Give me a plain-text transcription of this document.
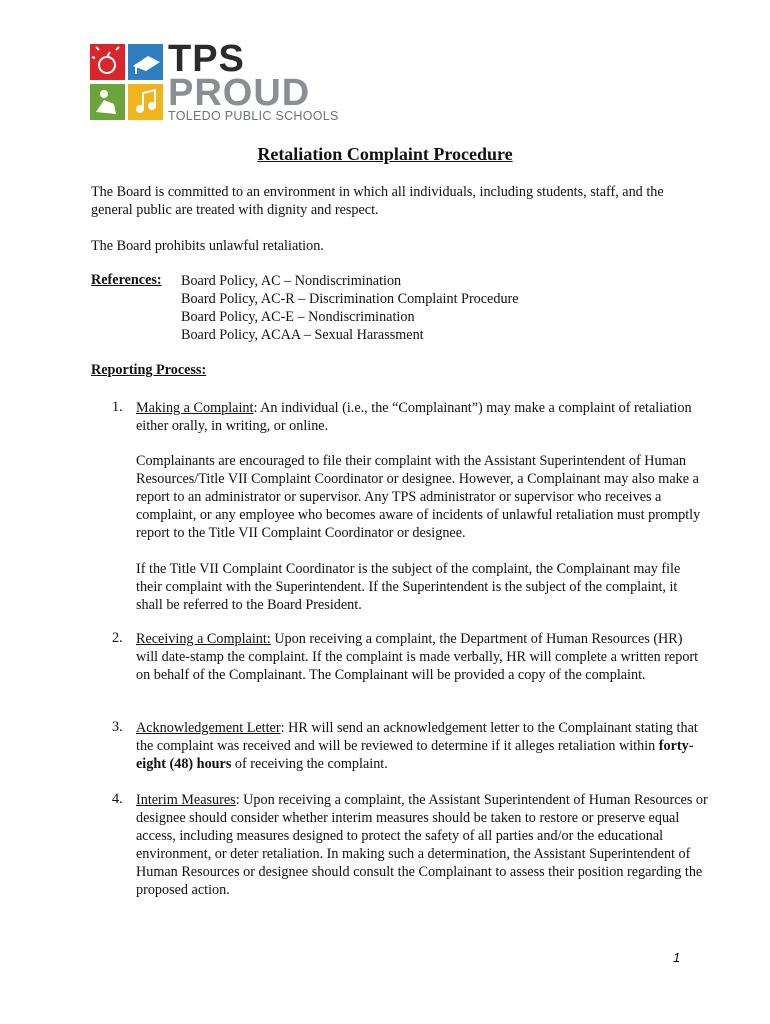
TPS
PROUD
TOLEDO PUBLIC SCHOOLS
Retaliation Complaint Procedure

The Board is committed to an environment in which all individuals, including students, staff, and the general public are treated with dignity and respect.

The Board prohibits unlawful retaliation.

References: Board Policy, AC – Nondiscrimination
Board Policy, AC-R – Discrimination Complaint Procedure
Board Policy, AC-E – Nondiscrimination
Board Policy, ACAA – Sexual Harassment
Reporting Process:
1. Making a Complaint: An individual (i.e., the “Complainant”) may make a complaint of retaliation either orally, in writing, or online.

Complainants are encouraged to file their complaint with the Assistant Superintendent of Human Resources/Title VII Complaint Coordinator or designee. However, a Complainant may also make a report to an administrator or supervisor. Any TPS administrator or supervisor who receives a complaint, or any employee who becomes aware of incidents of unlawful retaliation must promptly report to the Title VII Complaint Coordinator or designee.

If the Title VII Complaint Coordinator is the subject of the complaint, the Complainant may file their complaint with the Superintendent. If the Superintendent is the subject of the complaint, it shall be referred to the Board President.

2. Receiving a Complaint: Upon receiving a complaint, the Department of Human Resources (HR) will date-stamp the complaint. If the complaint is made verbally, HR will complete a written report on behalf of the Complainant. The Complainant will be provided a copy of the complaint.

3. Acknowledgement Letter: HR will send an acknowledgement letter to the Complainant stating that the complaint was received and will be reviewed to determine if it alleges retaliation within forty-eight (48) hours of receiving the complaint.

4. Interim Measures: Upon receiving a complaint, the Assistant Superintendent of Human Resources or designee should consider whether interim measures should be taken to restore or preserve equal access, including measures designed to protect the safety of all parties and/or the educational environment, or deter retaliation. In making such a determination, the Assistant Superintendent of Human Resources or designee should consult the Complainant to assess their position regarding the proposed action.

1
